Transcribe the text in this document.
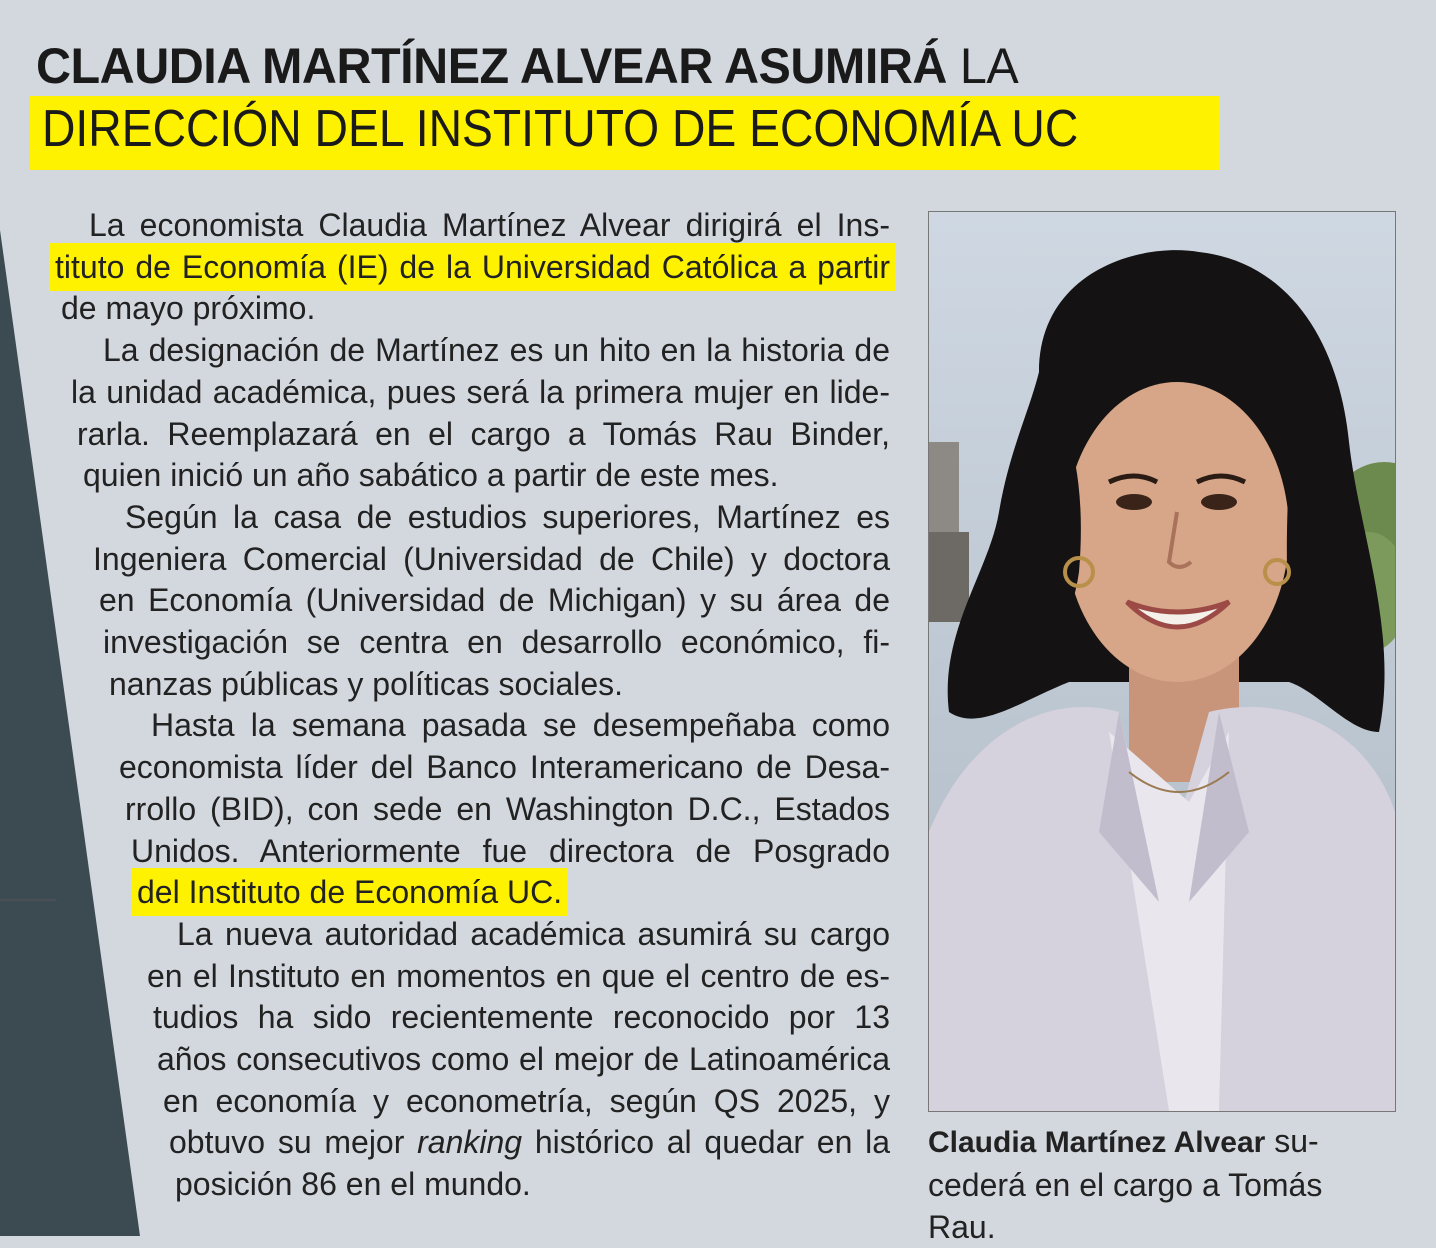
CLAUDIA MARTÍNEZ ALVEAR ASUMIRÁ LA
DIRECCIÓN DEL INSTITUTO DE ECONOMÍA UC
La economista Claudia Martínez Alvear dirigirá el Ins-
tituto de Economía (IE) de la Universidad Católica a partir
de mayo próximo.
La designación de Martínez es un hito en la historia de
la unidad académica, pues será la primera mujer en lide-
rarla. Reemplazará en el cargo a Tomás Rau Binder,
quien inició un año sabático a partir de este mes.
Según la casa de estudios superiores, Martínez es
Ingeniera Comercial (Universidad de Chile) y doctora
en Economía (Universidad de Michigan) y su área de
investigación se centra en desarrollo económico, fi-
nanzas públicas y políticas sociales.
Hasta la semana pasada se desempeñaba como
economista líder del Banco Interamericano de Desa-
rrollo (BID), con sede en Washington D.C., Estados
Unidos. Anteriormente fue directora de Posgrado
del Instituto de Economía UC.
La nueva autoridad académica asumirá su cargo
en el Instituto en momentos en que el centro de es-
tudios ha sido recientemente reconocido por 13
años consecutivos como el mejor de Latinoamérica
en economía y econometría, según QS 2025, y
obtuvo su mejor ranking histórico al quedar en la
posición 86 en el mundo.
Claudia Martínez Alvear su-
cederá en el cargo a Tomás Rau.
